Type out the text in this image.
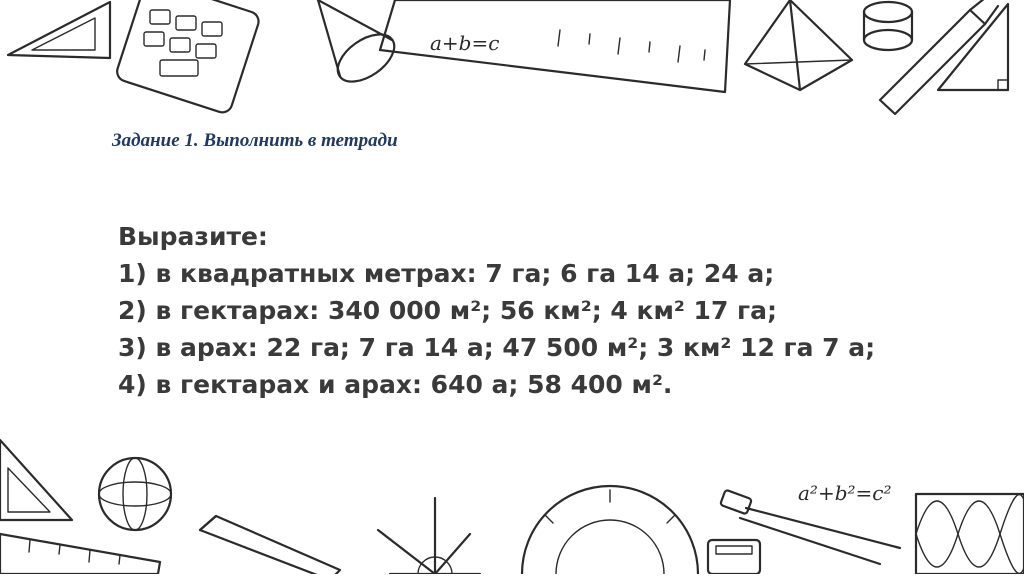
a+b=c
Задание 1. Выполнить в тетради

Выразите:

1) в квадратных метрах: 7 га; 6 га 14 а; 24 а;

2) в гектарах: 340 000 м²; 56 км²; 4 км² 17 га;

3) в арах: 22 га; 7 га 14 а; 47 500 м²; 3 км² 12 га 7 а;

4) в гектарах и арах: 640 а; 58 400 м².

a²+b²=c²
